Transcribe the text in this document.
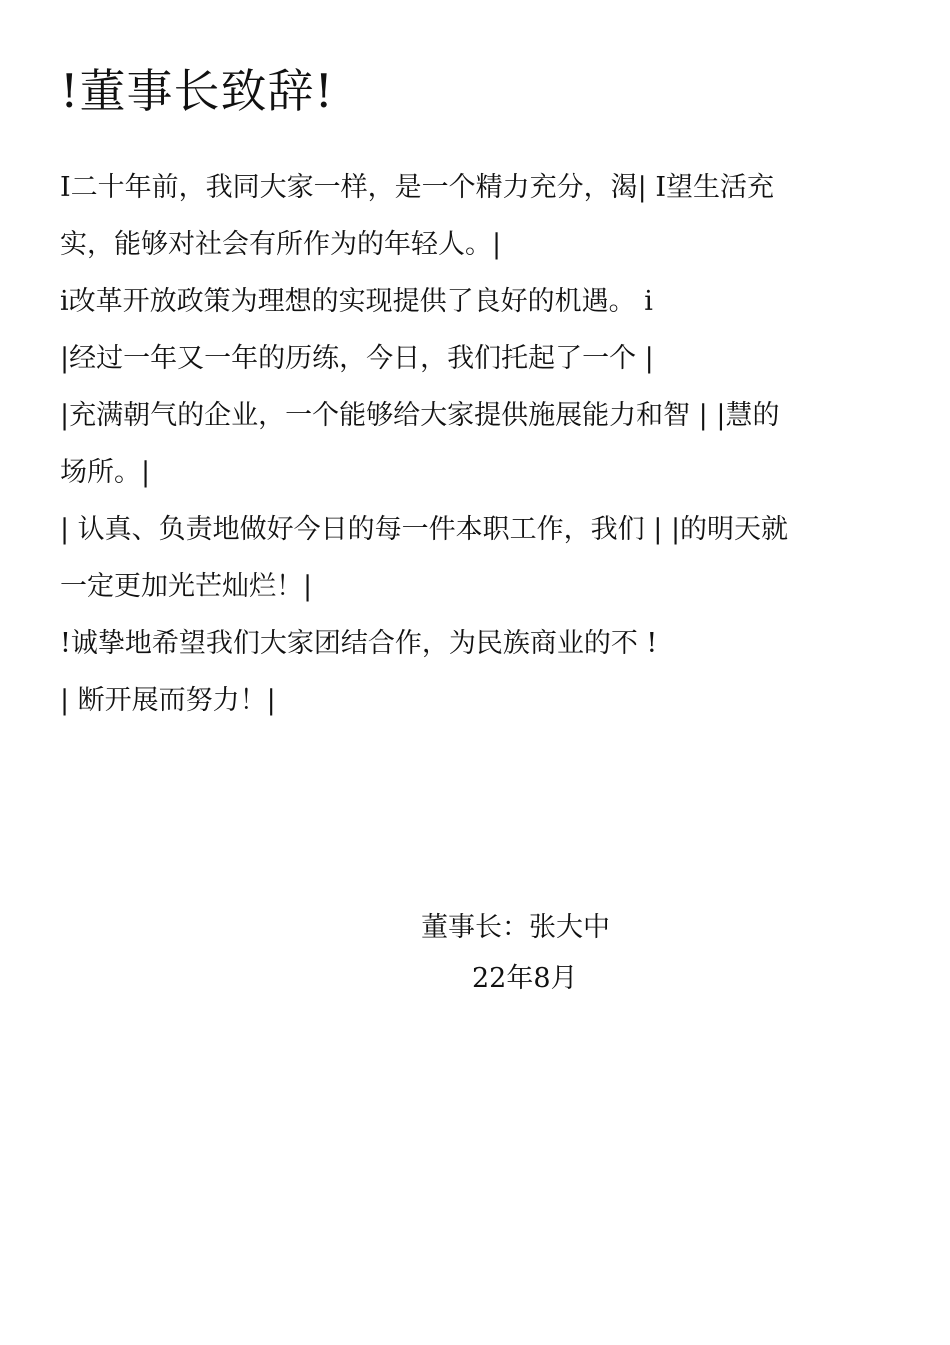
!董事长致辞!
I二十年前，我同大家一样，是一个精力充分，渴| I望生活充
实，能够对社会有所作为的年轻人。|
i改革开放政策为理想的实现提供了良好的机遇。 i
|经过一年又一年的历练，今日，我们托起了一个 |
|充满朝气的企业，一个能够给大家提供施展能力和智 | |慧的
场所。|
| 认真、负责地做好今日的每一件本职工作，我们 | |的明天就
一定更加光芒灿烂！|
!诚挚地希望我们大家团结合作，为民族商业的不 !
| 断开展而努力！|
董事长：张大中
22年8月
